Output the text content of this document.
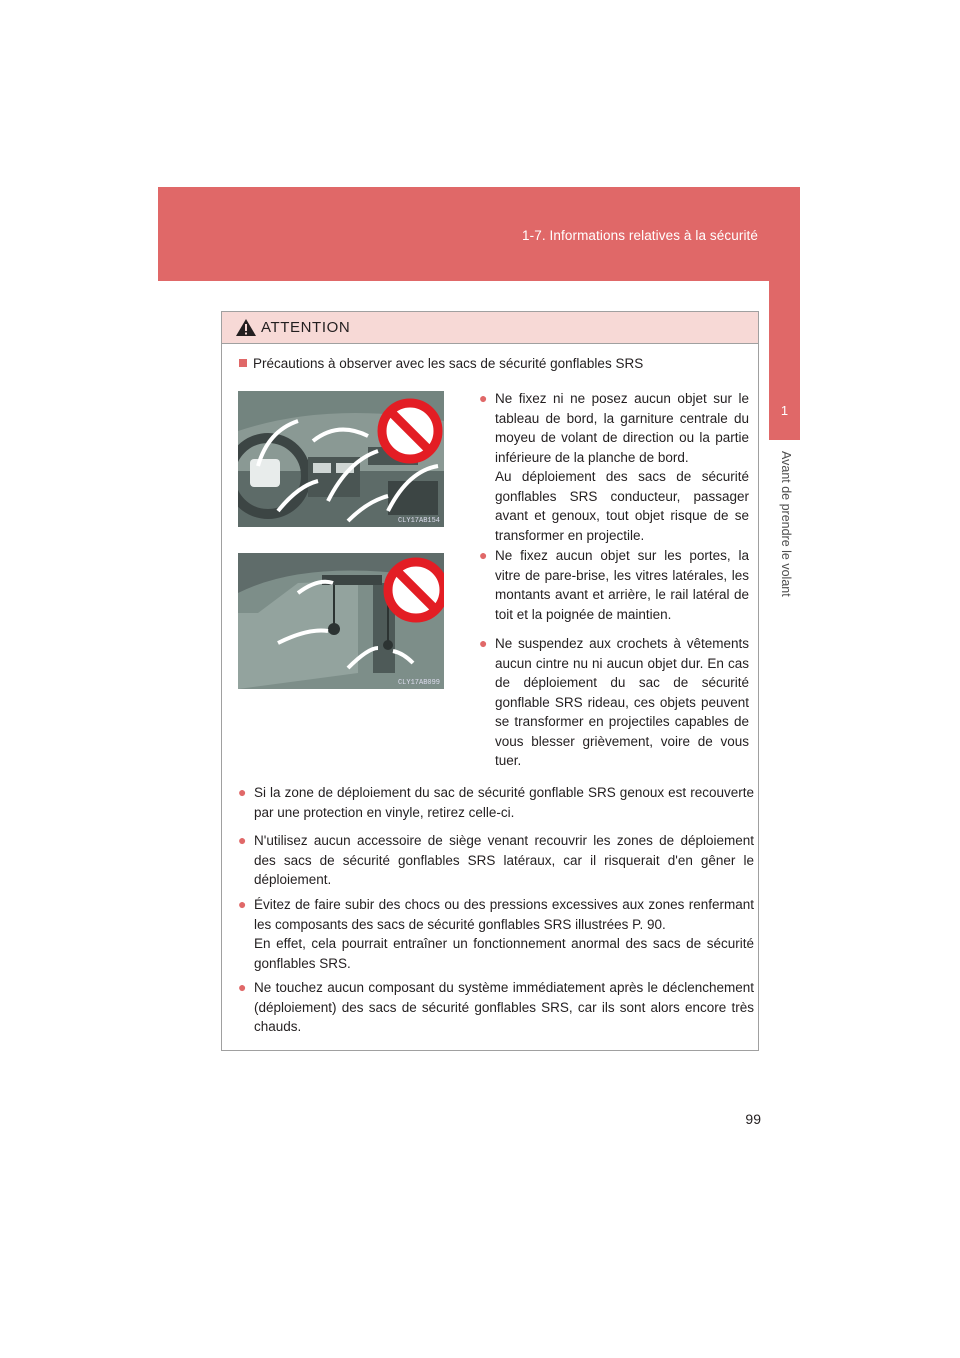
1-7. Informations relatives à la sécurité
1
Avant de prendre le volant
ATTENTION
Précautions à observer avec les sacs de sécurité gonflables SRS
CLY17AB154
CLY17AB099
● Ne fixez ni ne posez aucun objet sur le tableau de bord, la garniture centrale du moyeu de volant de direction ou la partie inférieure de la planche de bord.

Au déploiement des sacs de sécurité gonflables SRS conducteur, passager avant et genoux, tout objet risque de se transformer en projectile.

● Ne fixez aucun objet sur les portes, la vitre de pare-brise, les vitres latérales, les montants avant et arrière, le rail latéral de toit et la poignée de maintien.

● Ne suspendez aux crochets à vêtements aucun cintre nu ni aucun objet dur. En cas de déploiement du sac de sécurité gonflable SRS rideau, ces objets peuvent se transformer en projectiles capables de vous blesser grièvement, voire de vous tuer.

● Si la zone de déploiement du sac de sécurité gonflable SRS genoux est recouverte par une protection en vinyle, retirez celle-ci.

● N'utilisez aucun accessoire de siège venant recouvrir les zones de déploiement des sacs de sécurité gonflables SRS latéraux, car il risquerait d'en gêner le déploiement.

● Évitez de faire subir des chocs ou des pressions excessives aux zones renfermant les composants des sacs de sécurité gonflables SRS illustrées P. 90.

En effet, cela pourrait entraîner un fonctionnement anormal des sacs de sécurité gonflables SRS.

● Ne touchez aucun composant du système immédiatement après le déclenchement (déploiement) des sacs de sécurité gonflables SRS, car ils sont alors encore très chauds.

99
